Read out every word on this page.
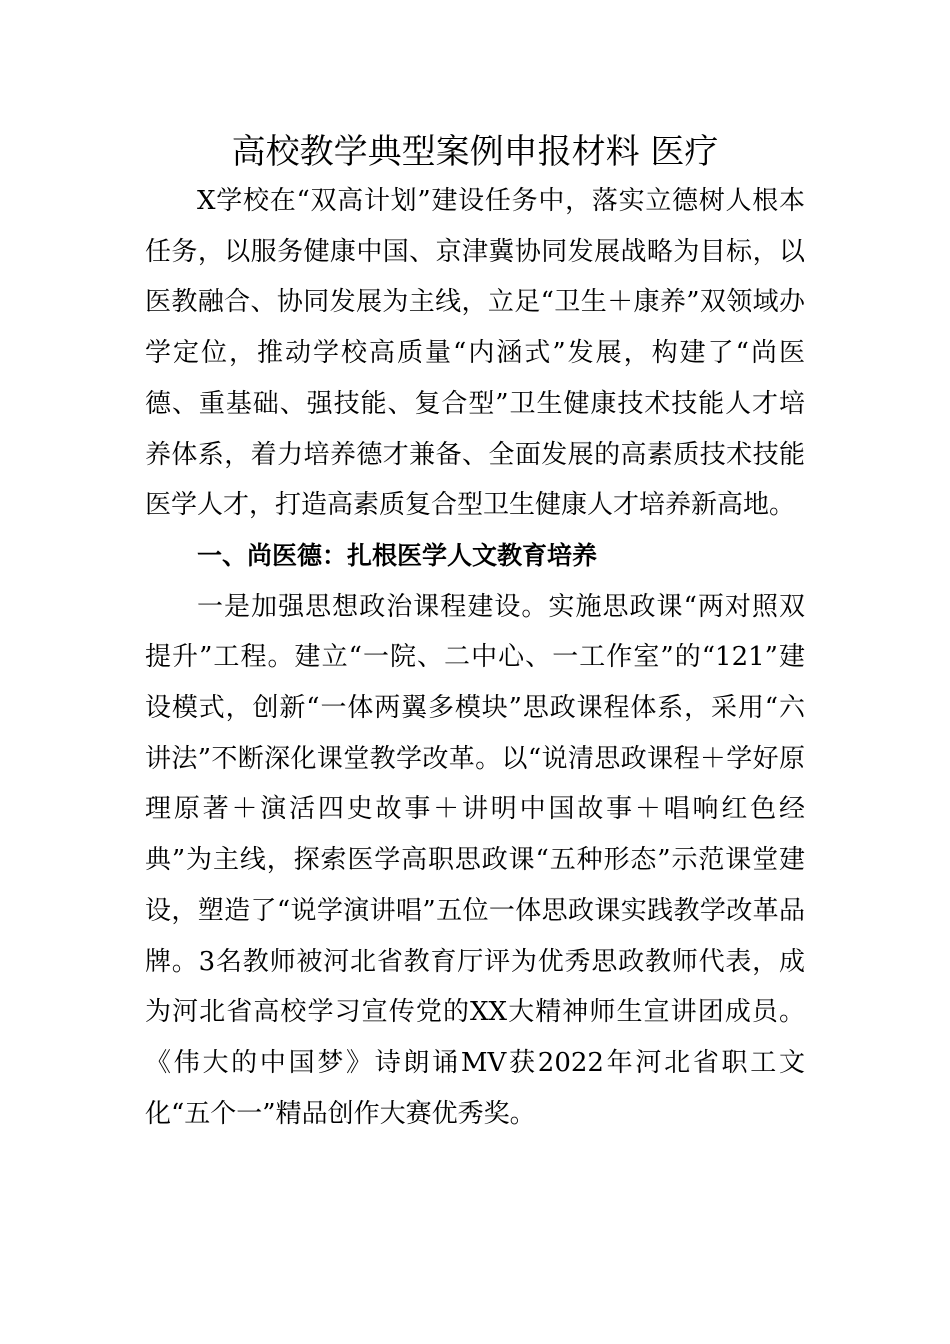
高校教学典型案例申报材料 医疗

X学校在“双高计划”建设任务中，落实立德树人根本任务，以服务健康中国、京津冀协同发展战略为目标，以医教融合、协同发展为主线，立足“卫生＋康养”双领域办学定位，推动学校高质量“内涵式”发展，构建了“尚医德、重基础、强技能、复合型”卫生健康技术技能人才培养体系，着力培养德才兼备、全面发展的高素质技术技能医学人才，打造高素质复合型卫生健康人才培养新高地。

一、尚医德：扎根医学人文教育培养

一是加强思想政治课程建设。实施思政课“两对照双提升”工程。建立“一院、二中心、一工作室”的“121”建设模式，创新“一体两翼多模块”思政课程体系，采用“六讲法”不断深化课堂教学改革。以“说清思政课程＋学好原理原著＋演活四史故事＋讲明中国故事＋唱响红色经典”为主线，探索医学高职思政课“五种形态”示范课堂建设，塑造了“说学演讲唱”五位一体思政课实践教学改革品牌。3名教师被河北省教育厅评为优秀思政教师代表，成为河北省高校学习宣传党的XX大精神师生宣讲团成员。《伟大的中国梦》诗朗诵MV获2022年河北省职工文化“五个一”精品创作大赛优秀奖。
